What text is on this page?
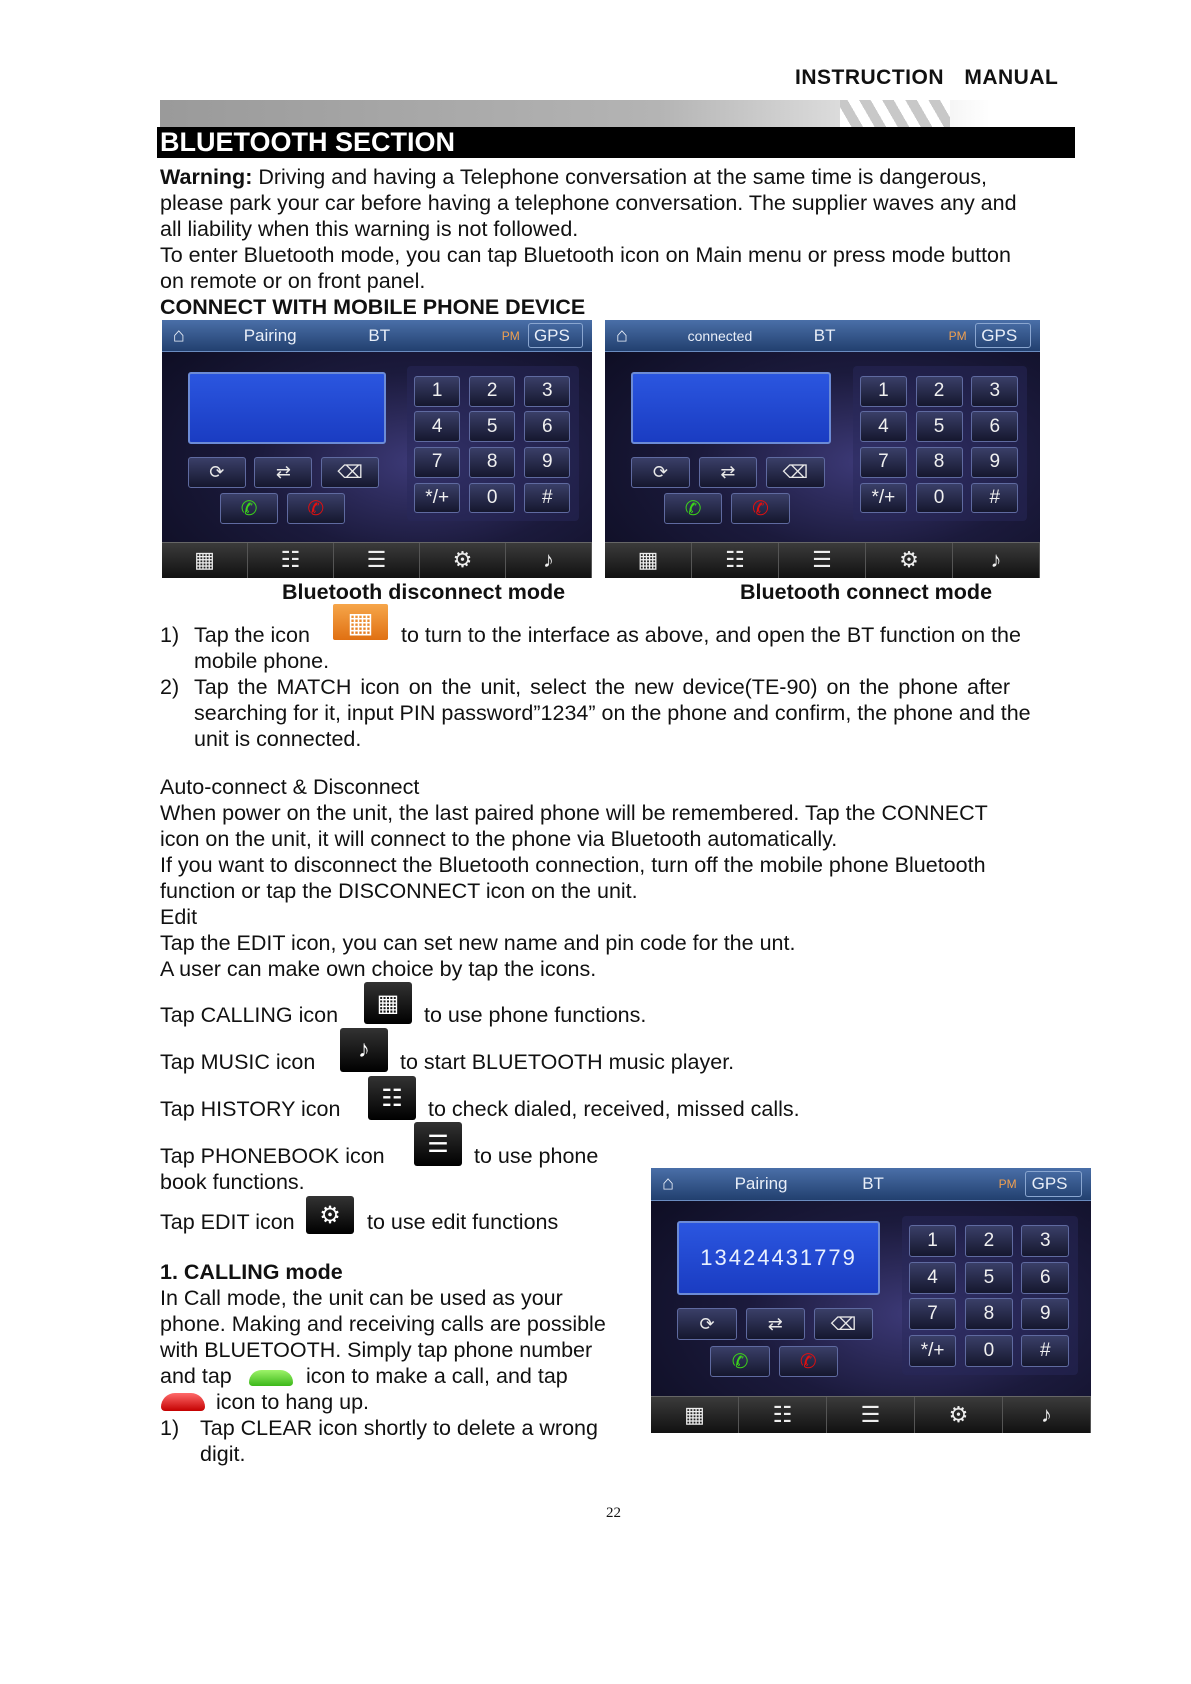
INSTRUCTION MANUAL
BLUETOOTH SECTION
Warning: Driving and having a Telephone conversation at the same time is dangerous,
please park your car before having a telephone conversation. The supplier waves any and
all liability when this warning is not followed.
To enter Bluetooth mode, you can tap Bluetooth icon on Main menu or press mode button
on remote or on front panel.
CONNECT WITH MOBILE PHONE DEVICE
⌂	Pairing	BT	PM GPS
⟳	⇄	⌫
✆ ✆
1	2	3
4	5	6
7	8	9
*/+	0	#
▦	☷	☰	⚙	♪
⌂	connected	BT	PM GPS
⟳	⇄	⌫
✆	✆
1	2	3
4	5	6
7	8	9
*/+	0	#
▦	☷	☰	⚙	♪
Bluetooth disconnect mode	Bluetooth connect mode
1) Tap the icon	▦	to turn to the interface as above, and open the BT function on the
mobile phone.
2) Tap the MATCH icon on the unit, select the new device(TE-90) on the phone after
searching for it, input PIN password”1234” on the phone and confirm, the phone and the
unit is connected.
Auto-connect & Disconnect
When power on the unit, the last paired phone will be remembered. Tap the CONNECT
icon on the unit, it will connect to the phone via Bluetooth automatically.
If you want to disconnect the Bluetooth connection, turn off the mobile phone Bluetooth
function or tap the DISCONNECT icon on the unit.
Edit
Tap the EDIT icon, you can set new name and pin code for the unt.
A user can make own choice by tap the icons.
Tap CALLING icon	▦	to use phone functions.
Tap MUSIC icon	♪	to start BLUETOOTH music player.
Tap HISTORY icon	☷	to check dialed, received, missed calls.
Tap PHONEBOOK icon	☰	to use phone
book functions.
Tap EDIT icon	⚙	to use edit functions
1. CALLING mode
In Call mode, the unit can be used as your
phone. Making and receiving calls are possible
with BLUETOOTH. Simply tap phone number
and tap	icon to make a call, and tap
icon to hang up.
1) Tap CLEAR icon shortly to delete a wrong
digit.
⌂	Pairing	BT	PM GPS
13424431779
⟳	⇄	⌫
✆	✆
1	2	3
4	5	6
7	8	9
*/+	0	#
▦	☷	☰	⚙	♪
22
